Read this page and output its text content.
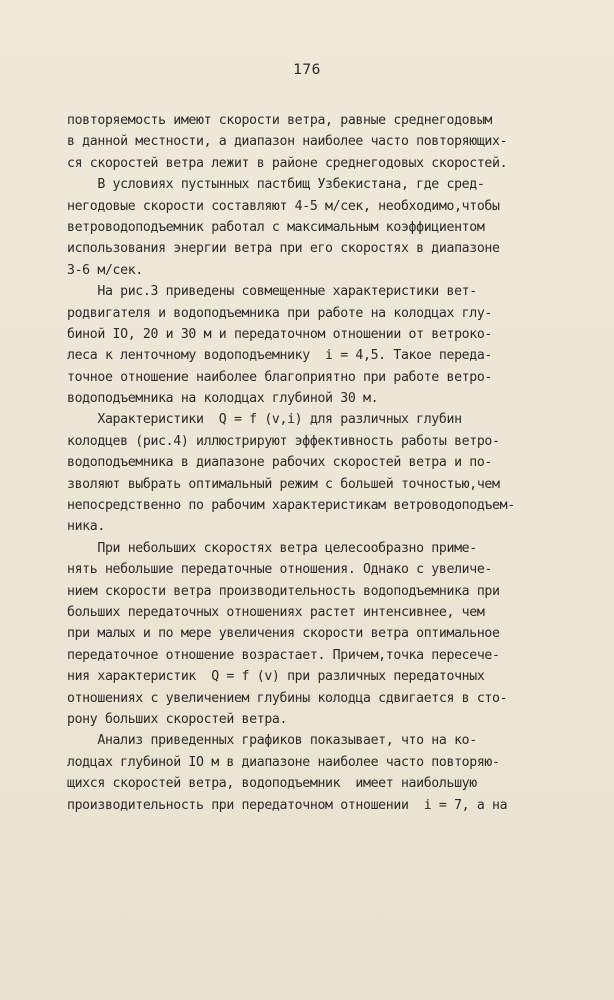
176
повторяемость имеют скорости ветра, равные среднегодовым
в данной местности, а диапазон наиболее часто повторяющих-
ся скоростей ветра лежит в районе среднегодовых скоростей.
В условиях пустынных пастбищ Узбекистана, где сред-
негодовые скорости составляют 4-5 м/сек, необходимо,чтобы
ветроводоподъемник работал с максимальным коэффициентом
использования энергии ветра при его скоростях в диапазоне
3-6 м/сек.
На рис.3 приведены совмещенные характеристики вет-
родвигателя и водоподъемника при работе на колодцах глу-
биной IO, 20 и 30 м и передаточном отношении от ветроко-
леса к ленточному водоподъемнику  i = 4,5. Такое переда-
точное отношение наиболее благоприятно при работе ветро-
водоподъемника на колодцах глубиной 30 м.
Характеристики  Q = f (v,i) для различных глубин
колодцев (рис.4) иллюстрируют эффективность работы ветро-
водоподъемника в диапазоне рабочих скоростей ветра и по-
зволяют выбрать оптимальный режим с большей точностью,чем
непосредственно по рабочим характеристикам ветроводоподъем-
ника.
При небольших скоростях ветра целесообразно приме-
нять небольшие передаточные отношения. Однако с увеличе-
нием скорости ветра производительность водоподъемника при
больших передаточных отношениях растет интенсивнее, чем
при малых и по мере увеличения скорости ветра оптимальное
передаточное отношение возрастает. Причем,точка пересече-
ния характеристик  Q = f (v) при различных передаточных
отношениях с увеличением глубины колодца сдвигается в сто-
рону больших скоростей ветра.
Анализ приведенных графиков показывает, что на ко-
лодцах глубиной IO м в диапазоне наиболее часто повторяю-
щихся скоростей ветра, водоподъемник  имеет наибольшую
производительность при передаточном отношении  i = 7, а на
